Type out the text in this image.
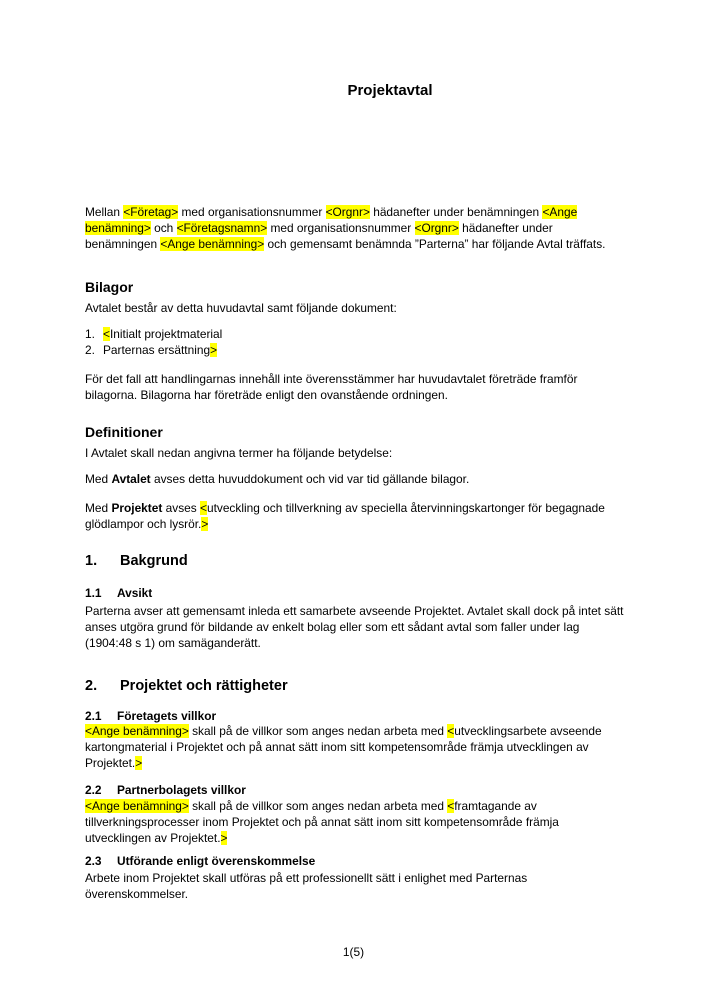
Projektavtal

Mellan <Företag> med organisationsnummer <Orgnr> hädanefter under benämningen <Ange benämning> och <Företagsnamn> med organisationsnummer <Orgnr> hädanefter under benämningen <Ange benämning> och gemensamt benämnda ”Parterna” har följande Avtal träffats.

Bilagor

Avtalet består av detta huvudavtal samt följande dokument:

1. <Initialt projektmaterial
2. Parternas ersättning>

För det fall att handlingarnas innehåll inte överensstämmer har huvudavtalet företräde framför bilagorna. Bilagorna har företräde enligt den ovanstående ordningen.

Definitioner

I Avtalet skall nedan angivna termer ha följande betydelse:

Med Avtalet avses detta huvuddokument och vid var tid gällande bilagor.

Med Projektet avses <utveckling och tillverkning av speciella återvinningskartonger för begagnade glödlampor och lysrör.>

1. Bakgrund
1.1 Avsikt

Parterna avser att gemensamt inleda ett samarbete avseende Projektet. Avtalet skall dock på intet sätt anses utgöra grund för bildande av enkelt bolag eller som ett sådant avtal som faller under lag (1904:48 s 1) om samäganderätt.

2. Projektet och rättigheter
2.1 Företagets villkor

<Ange benämning> skall på de villkor som anges nedan arbeta med <utvecklingsarbete avseende kartongmaterial i Projektet och på annat sätt inom sitt kompetensområde främja utvecklingen av Projektet.>

2.2 Partnerbolagets villkor

<Ange benämning> skall på de villkor som anges nedan arbeta med <framtagande av tillverkningsprocesser inom Projektet och på annat sätt inom sitt kompetensområde främja utvecklingen av Projektet.>

2.3 Utförande enligt överenskommelse

Arbete inom Projektet skall utföras på ett professionellt sätt i enlighet med Parternas överenskommelser.

1(5)
